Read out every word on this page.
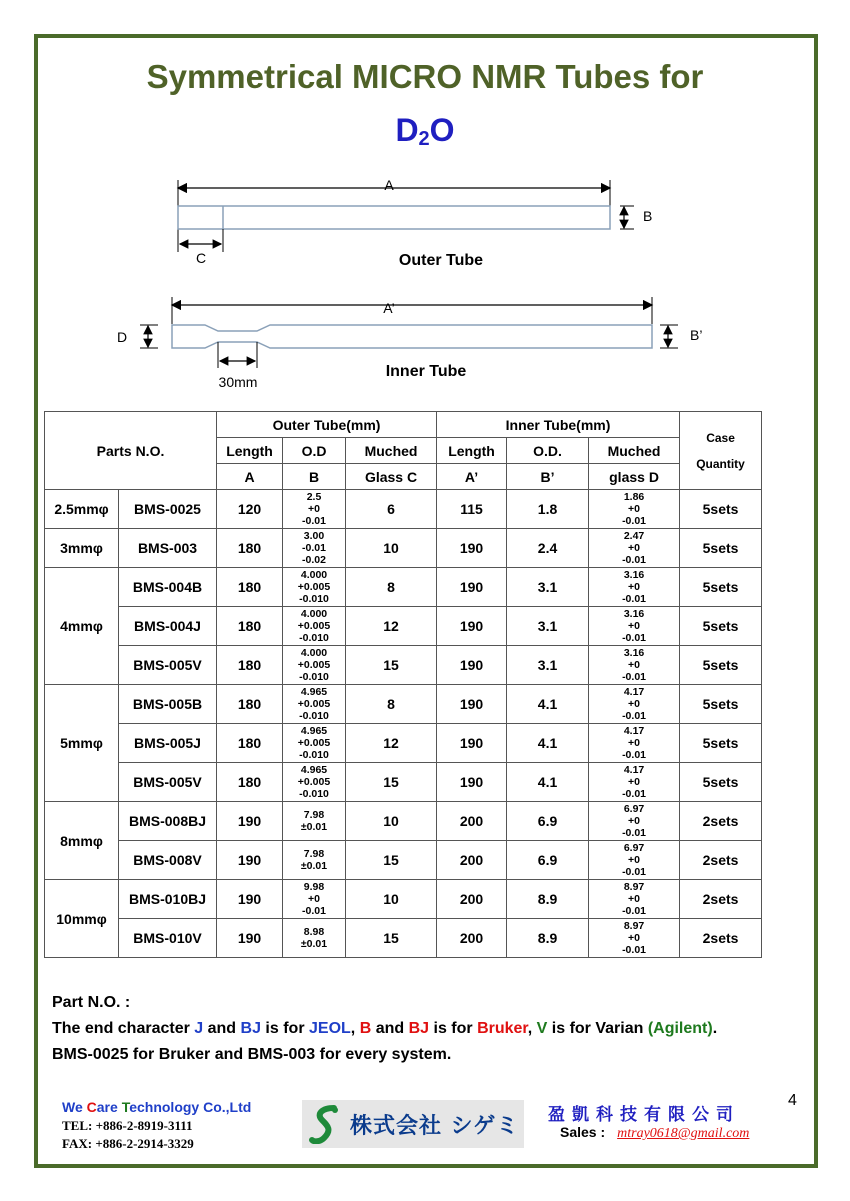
Symmetrical MICRO NMR Tubes for
$D_2O$
A
B
C	Outer Tube
A’
B’
D
30mm
Inner Tube
Parts N.O.		Outer Tube(mm)			Inner Tube(mm)			Case
Quantity
		Length	O.D	Muched	Length	O.D.	Muched	
		A	B	Glass C	A’	B’	glass D	
2.5mmφ	BMS-0025	120	2.5
+0
-0.01	6	115	1.8	1.86
+0
-0.01	5sets
3mmφ	BMS-003	180	3.00
-0.01
-0.02	10	190	2.4	2.47
+0
-0.01	5sets
4mmφ	BMS-004B	180	4.000
+0.005
-0.010	8	190	3.1	3.16
+0
-0.01	5sets
	BMS-004J	180	4.000
+0.005
-0.010	12	190	3.1	3.16
+0
-0.01	5sets
	BMS-005V	180	4.000
+0.005
-0.010	15	190	3.1	3.16
+0
-0.01	5sets
5mmφ	BMS-005B	180	4.965
+0.005
-0.010	8	190	4.1	4.17
+0
-0.01	5sets
	BMS-005J	180	4.965
+0.005
-0.010	12	190	4.1	4.17
+0
-0.01	5sets
	BMS-005V	180	4.965
+0.005
-0.010	15	190	4.1	4.17
+0
-0.01	5sets
8mmφ	BMS-008BJ	190	7.98
±0.01	10	200	6.9	6.97
+0
-0.01	2sets
	BMS-008V	190	7.98
±0.01	15	200	6.9	6.97
+0
-0.01	2sets
10mmφ	BMS-010BJ	190	9.98
+0
-0.01	10	200	8.9	8.97
+0
-0.01	2sets
	BMS-010V	190	8.98
±0.01	15	200	8.9	8.97
+0
-0.01	2sets
Part N.O. :
The end character J and BJ is for JEOL, B and BJ is for Bruker, V is for Varian (Agilent).
BMS-0025 for Bruker and BMS-003 for every system.
We Care Technology Co.,Ltd
TEL: +886-2-8919-3111
FAX: +886-2-2914-3329
株式会社 シゲミ 盈凱科技有限公司
Sales : mtray0618@gmail.com
4
